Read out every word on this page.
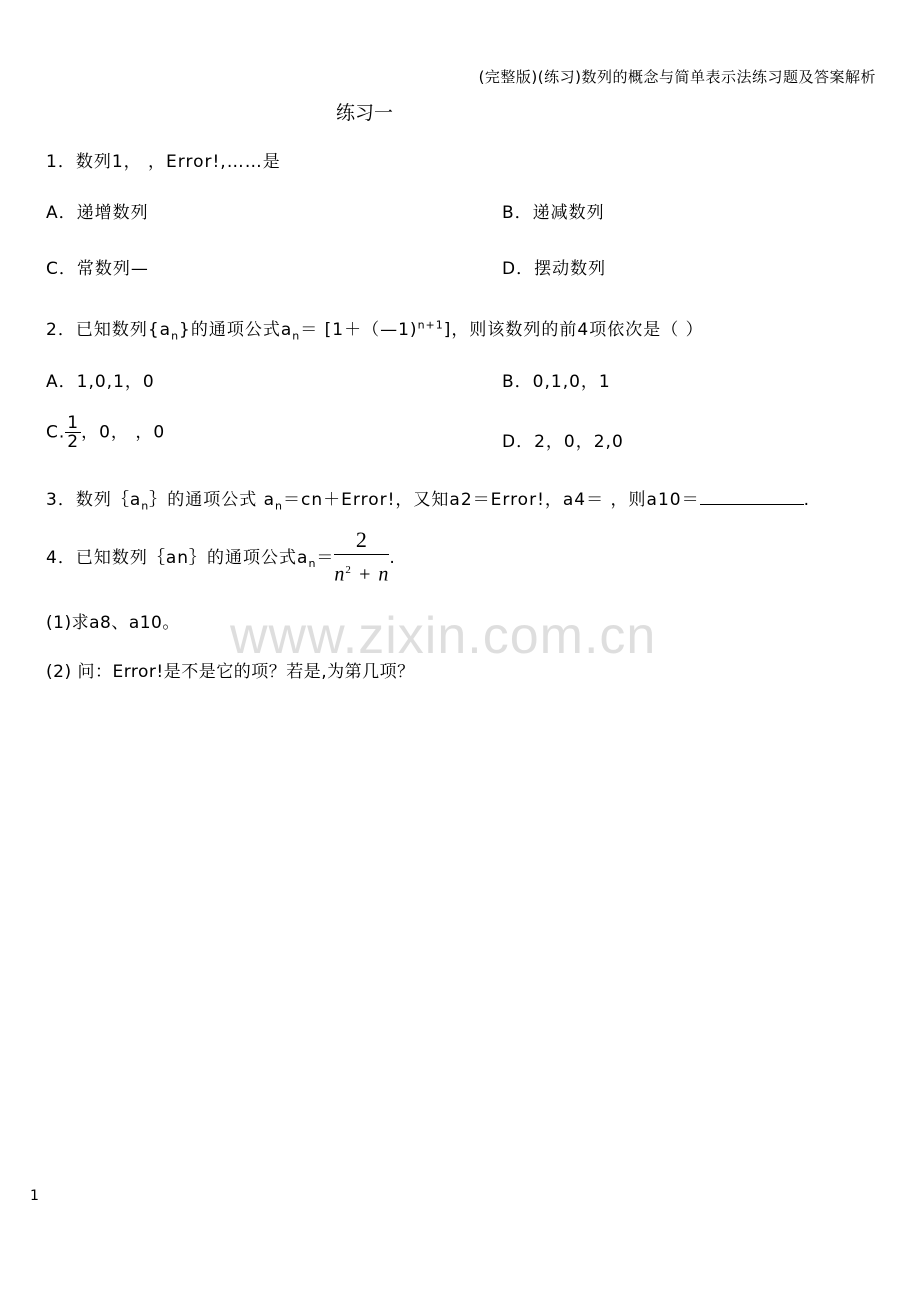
(完整版)(练习)数列的概念与简单表示法练习题及答案解析
练习一
1．数列1， ，Error!,……是
A．递增数列	B．递减数列
C．常数列—	D．摆动数列
2．已知数列$\{a_n\}$的通项公式$a_n=$ [1＋（—1)$^{n+1}$]，则该数列的前4项依次是（ ）
A．1,0,1，0	B．0,1,0，1
C. $\frac{1}{2}$ ，0， ，0	D．2，0，2,0
3．数列$\{a_n\}$的通项公式 $a_n=cn+Error$!，又知a2＝Error!，a4＝ ，则a10＝	.
4．已知数列｛an｝的通项公式$a_n= \frac{2}{n^2 + n}$ .
(1)求a8、a10。
(2) 问：Error!是不是它的项？若是,为第几项？
www.zixin.com.cn
1
